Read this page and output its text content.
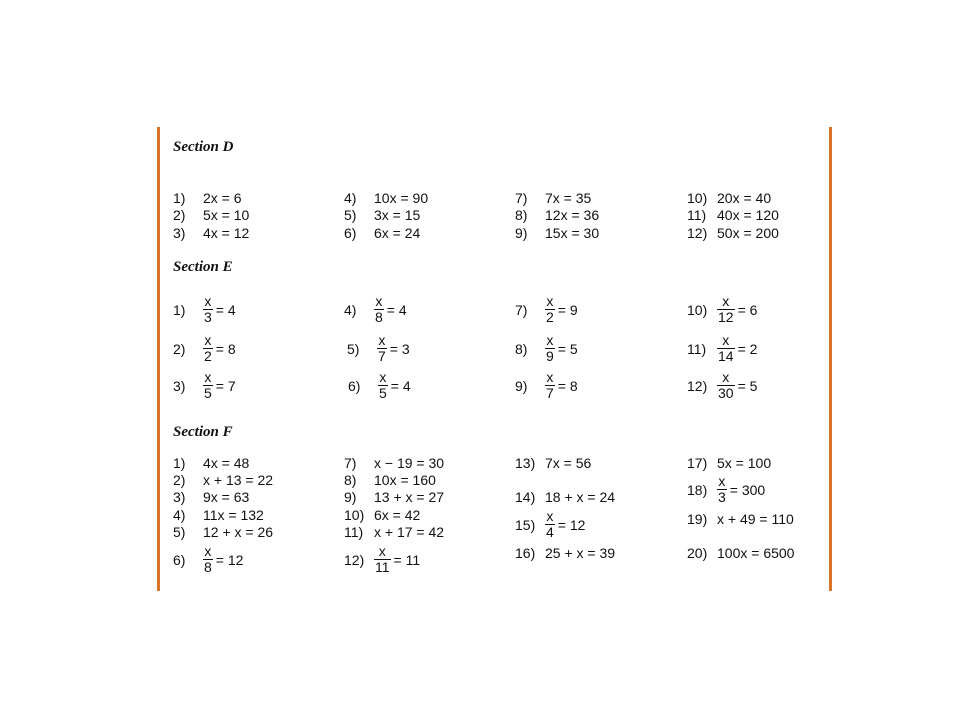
Section D
1)	2x = 6
2)	5x = 10
3)	4x = 12
4)	10x = 90
5)	3x = 15
6)	6x = 24
7)	7x = 35
8)	12x = 36
9)	15x = 30
10) 20x = 40
11) 40x = 120
12) 50x = 200
Section E
1)	$\frac{x}{3} = 4$
2)	$\frac{x}{2} = 8$
3)	$\frac{x}{5} = 7$
4)	$\frac{x}{8} = 4$
5)	$\frac{x}{7} = 3$
6)	$\frac{x}{5} = 4$
7)	$\frac{x}{2} = 9$
8)	$\frac{x}{9} = 5$
9)	$\frac{x}{7} = 8$
$10) \frac{x}{12} = 6$
$11) \frac{x}{14} = 2$
$12) \frac{x}{30} = 5$
Section F
1)	4x = 48
2)	x + 13 = 22
3)	9x = 63
4)	11x = 132
5)	12 + x = 26
6)	$\frac{x}{8} = 12$
7)	x − 19 = 30
8)	10x = 160
9)	13 + x = 27
10) 6x = 42
11) x + 17 = 42
$12) \frac{x}{11} = 11$
13) 7x = 56
14) 18 + x = 24
$15) \frac{x}{4} = 12$
16) 25 + x = 39
17) 5x = 100
$18) \frac{x}{3} = 300$
19) x + 49 = 110
20) 100x = 6500
